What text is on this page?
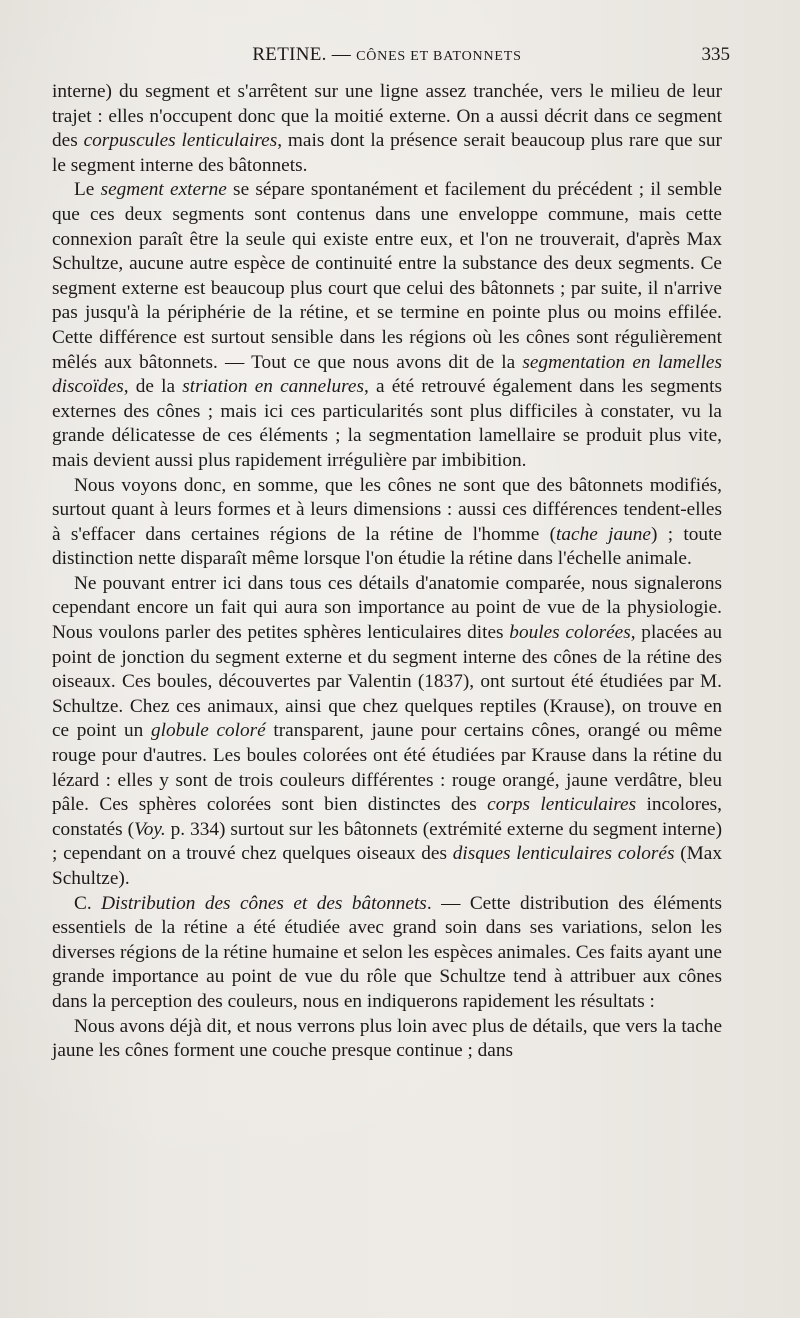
RETINE. — CÔNES ET BATONNETS	335

interne) du segment et s'arrêtent sur une ligne assez tranchée, vers le milieu de leur trajet : elles n'occupent donc que la moitié externe. On a aussi décrit dans ce segment des corpuscules lenticulaires, mais dont la présence serait beaucoup plus rare que sur le segment interne des bâtonnets.

Le segment externe se sépare spontanément et facilement du précédent ; il semble que ces deux segments sont contenus dans une enveloppe commune, mais cette connexion paraît être la seule qui existe entre eux, et l'on ne trouverait, d'après Max Schultze, aucune autre espèce de continuité entre la substance des deux segments. Ce segment externe est beaucoup plus court que celui des bâtonnets ; par suite, il n'arrive pas jusqu'à la périphérie de la rétine, et se termine en pointe plus ou moins effilée. Cette différence est surtout sensible dans les régions où les cônes sont régulièrement mêlés aux bâtonnets. — Tout ce que nous avons dit de la segmentation en lamelles discoïdes, de la striation en cannelures, a été retrouvé également dans les segments externes des cônes ; mais ici ces particularités sont plus difficiles à constater, vu la grande délicatesse de ces éléments ; la segmentation lamellaire se produit plus vite, mais devient aussi plus rapidement irrégulière par imbibition.

Nous voyons donc, en somme, que les cônes ne sont que des bâtonnets modifiés, surtout quant à leurs formes et à leurs dimensions : aussi ces différences tendent-elles à s'effacer dans certaines régions de la rétine de l'homme (tache jaune) ; toute distinction nette disparaît même lorsque l'on étudie la rétine dans l'échelle animale.

Ne pouvant entrer ici dans tous ces détails d'anatomie comparée, nous signalerons cependant encore un fait qui aura son importance au point de vue de la physiologie. Nous voulons parler des petites sphères lenticulaires dites boules colorées, placées au point de jonction du segment externe et du segment interne des cônes de la rétine des oiseaux. Ces boules, découvertes par Valentin (1837), ont surtout été étudiées par M. Schultze. Chez ces animaux, ainsi que chez quelques reptiles (Krause), on trouve en ce point un globule coloré transparent, jaune pour certains cônes, orangé ou même rouge pour d'autres. Les boules colorées ont été étudiées par Krause dans la rétine du lézard : elles y sont de trois couleurs différentes : rouge orangé, jaune verdâtre, bleu pâle. Ces sphères colorées sont bien distinctes des corps lenticulaires incolores, constatés (Voy. p. 334) surtout sur les bâtonnets (extrémité externe du segment interne) ; cependant on a trouvé chez quelques oiseaux des disques lenticulaires colorés (Max Schultze).

C. Distribution des cônes et des bâtonnets. — Cette distribution des éléments essentiels de la rétine a été étudiée avec grand soin dans ses variations, selon les diverses régions de la rétine humaine et selon les espèces animales. Ces faits ayant une grande importance au point de vue du rôle que Schultze tend à attribuer aux cônes dans la perception des couleurs, nous en indiquerons rapidement les résultats :

Nous avons déjà dit, et nous verrons plus loin avec plus de détails, que vers la tache jaune les cônes forment une couche presque continue ; dans
